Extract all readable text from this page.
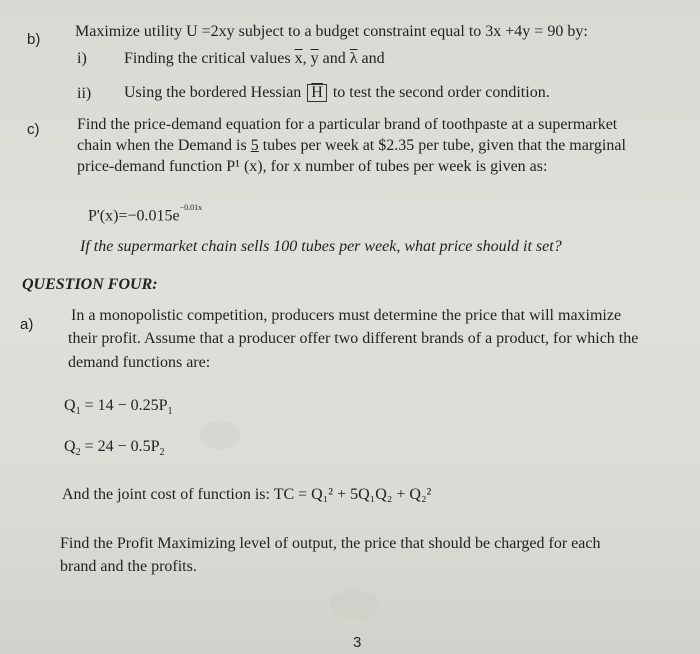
b) Maximize utility U =2xy subject to a budget constraint equal to 3x +4y = 90 by:
i) Finding the critical values $\overline{x}$, $\overline{y}$ and $\overline{\lambda}$ and
ii) Using the bordered Hessian $\overline{H}$ to test the second order condition.
c) Find the price-demand equation for a particular brand of toothpaste at a supermarket
chain when the Demand is 5 tubes per week at $2.35 per tube, given that the marginal
price-demand function P¹ (x), for x number of tubes per week is given as:
$P'(x)=-0.015e^{-0.01x}$
If the supermarket chain sells 100 tubes per week, what price should it set?
QUESTION FOUR:
a)
In a monopolistic competition, producers must determine the price that will maximize
their profit. Assume that a producer offer two different brands of a product, for which the
demand functions are:
$Q_1 = 14 - 0.25P_1$
$Q_2 = 24 - 0.5P_2$
And the joint cost of function is: TC = Q₁² + 5Q₁Q₂ + Q₂²
Find the Profit Maximizing level of output, the price that should be charged for each
brand and the profits.
3
